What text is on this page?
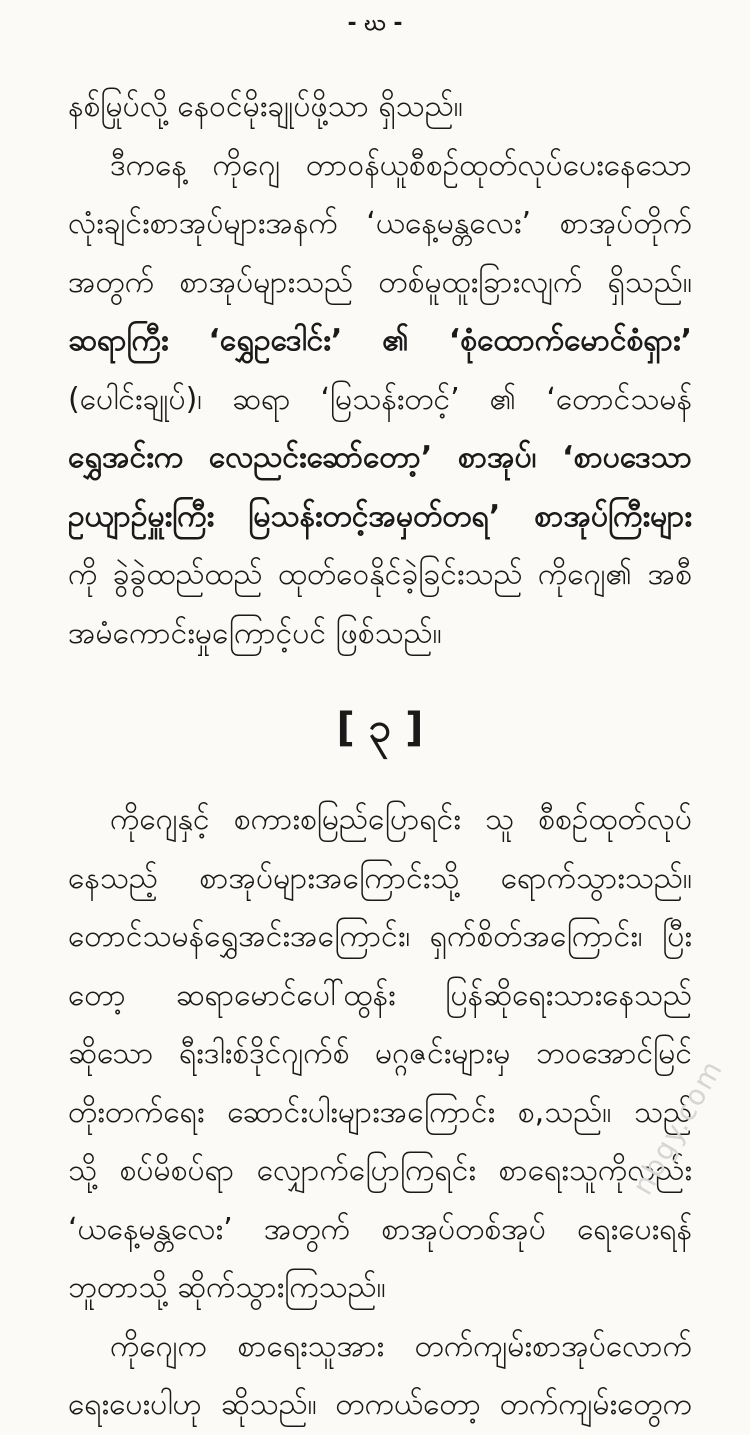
- ဃ -
နစ်မြုပ်လို့ နေဝင်မိုးချုပ်ဖို့သာ ရှိသည်။
ဒီကနေ့ ကိုဂျေ တာဝန်ယူစီစဉ်ထုတ်လုပ်ပေးနေသော
လုံးချင်းစာအုပ်များအနက် ‘ယနေ့မန္တလေး’ စာအုပ်တိုက်
အတွက် စာအုပ်များသည် တစ်မူထူးခြားလျက် ရှိသည်။
ဆရာကြီး ‘ရွှေဥဒေါင်း’ ၏ ‘စုံထောက်မောင်စံရှား’
(ပေါင်းချုပ်)၊ ဆရာ ‘မြသန်းတင့်’ ၏ ‘တောင်သမန်
ရွှေအင်းက လေညင်းဆော်တော့’ စာအုပ်၊ ‘စာပဒေသာ
ဥယျာဉ်မှူးကြီး မြသန်းတင့်အမှတ်တရ’ စာအုပ်ကြီးများ
ကို ခွဲခွဲထည်ထည် ထုတ်ဝေနိုင်ခဲ့ခြင်းသည် ကိုဂျေ၏ အစီ
အမံကောင်းမှုကြောင့်ပင် ဖြစ်သည်။
[ ၃ ]
ကိုဂျေနှင့် စကားစမြည်ပြောရင်း သူ စီစဉ်ထုတ်လုပ်
နေသည့် စာအုပ်များအကြောင်းသို့ ရောက်သွားသည်။
တောင်သမန်ရွှေအင်းအကြောင်း၊ ရှက်စိတ်အကြောင်း၊ ပြီး
တော့ ဆရာမောင်ပေါ်ထွန်း ပြန်ဆိုရေးသားနေသည်
ဆိုသော ရီးဒါးစ်ဒိုင်ဂျက်စ် မဂ္ဂဇင်းများမှ ဘဝအောင်မြင်
တိုးတက်ရေး ဆောင်းပါးများအကြောင်း စ,သည်။ သည်
သို့ စပ်မိစပ်ရာ လျှောက်ပြောကြရင်း စာရေးသူကိုလည်း
‘ယနေ့မန္တလေး’ အတွက် စာအုပ်တစ်အုပ် ရေးပေးရန်
ဘူတာသို့ ဆိုက်သွားကြသည်။
ကိုဂျေက စာရေးသူအား တက်ကျမ်းစာအုပ်လောက်
ရေးပေးပါဟု ဆိုသည်။ တကယ်တော့ တက်ကျမ်းတွေက
nbgy.com
